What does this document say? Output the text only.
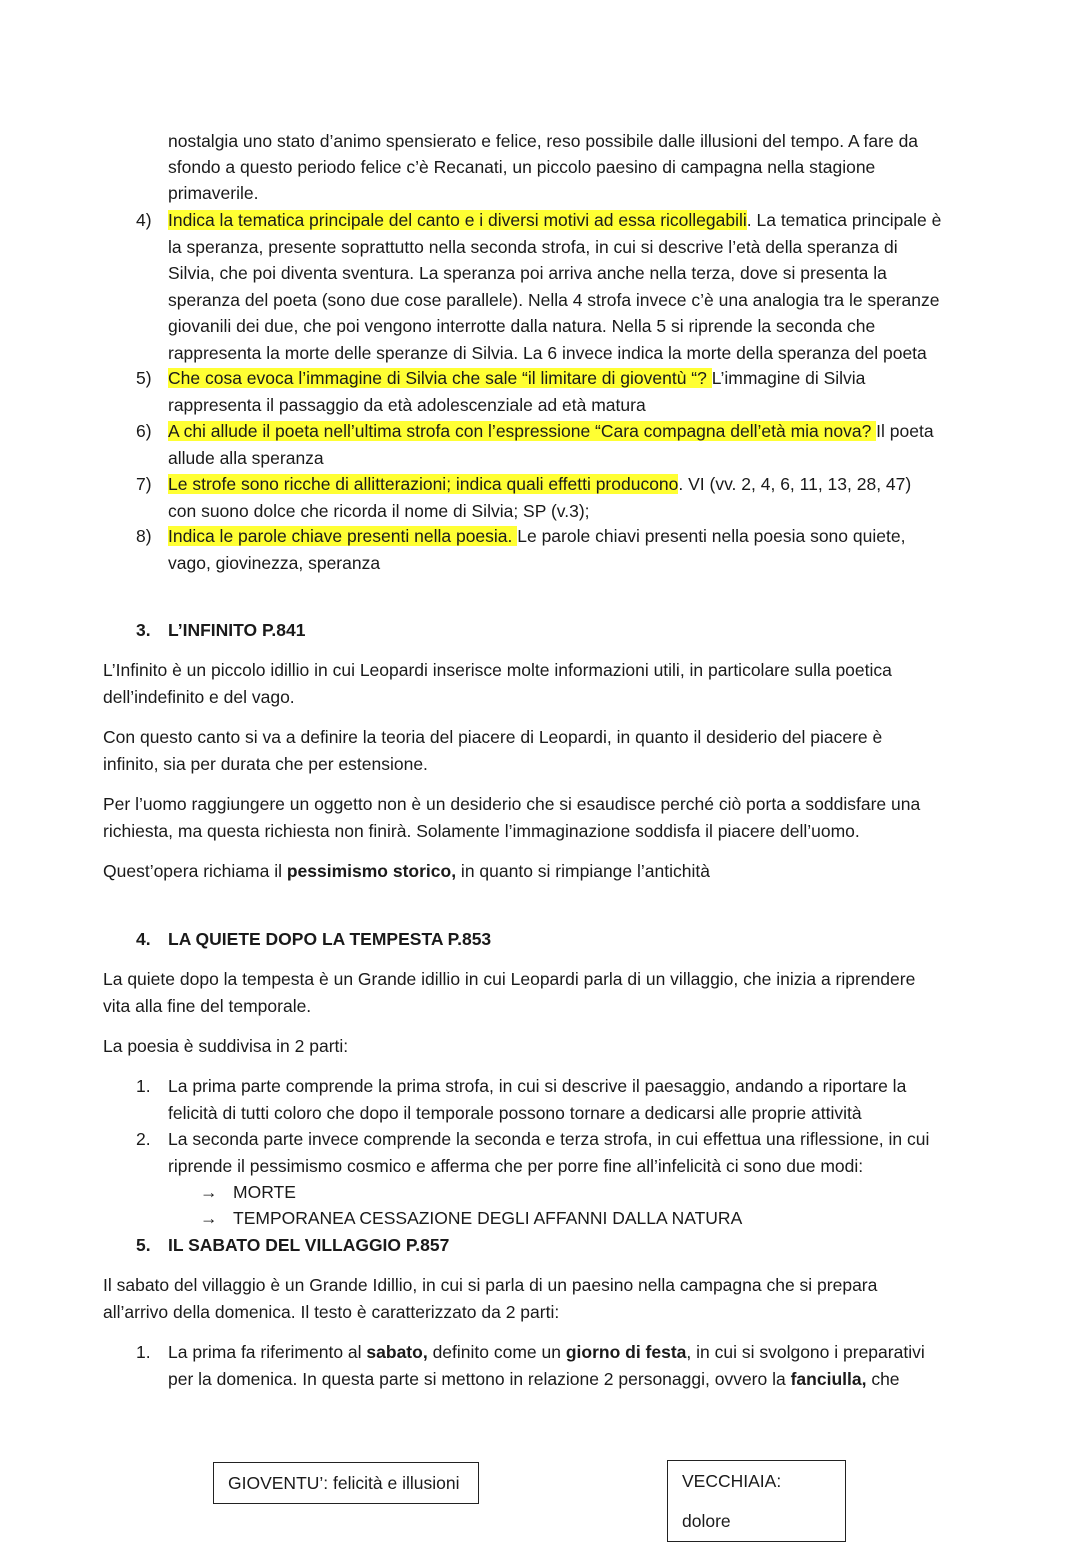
nostalgia uno stato d’animo spensierato e felice, reso possibile dalle illusioni del tempo. A fare da
sfondo a questo periodo felice c’è Recanati, un piccolo paesino di campagna nella stagione
primaverile.
4) Indica la tematica principale del canto e i diversi motivi ad essa ricollegabili. La tematica principale è
la speranza, presente soprattutto nella seconda strofa, in cui si descrive l’età della speranza di
Silvia, che poi diventa sventura. La speranza poi arriva anche nella terza, dove si presenta la
speranza del poeta (sono due cose parallele). Nella 4 strofa invece c’è una analogia tra le speranze
giovanili dei due, che poi vengono interrotte dalla natura. Nella 5 si riprende la seconda che
rappresenta la morte delle speranze di Silvia. La 6 invece indica la morte della speranza del poeta
5) Che cosa evoca l’immagine di Silvia che sale “il limitare di gioventù “? L’immagine di Silvia
rappresenta il passaggio da età adolescenziale ad età matura
6) A chi allude il poeta nell’ultima strofa con l’espressione “Cara compagna dell’età mia nova? Il poeta
allude alla speranza
7) Le strofe sono ricche di allitterazioni; indica quali effetti producono. VI (vv. 2, 4, 6, 11, 13, 28, 47)
con suono dolce che ricorda il nome di Silvia; SP (v.3);
8) Indica le parole chiave presenti nella poesia. Le parole chiavi presenti nella poesia sono quiete,
vago, giovinezza, speranza
3. L’INFINITO P.841
L’Infinito è un piccolo idillio in cui Leopardi inserisce molte informazioni utili, in particolare sulla poetica
dell’indefinito e del vago.
Con questo canto si va a definire la teoria del piacere di Leopardi, in quanto il desiderio del piacere è
infinito, sia per durata che per estensione.
Per l’uomo raggiungere un oggetto non è un desiderio che si esaudisce perché ciò porta a soddisfare una
richiesta, ma questa richiesta non finirà. Solamente l’immaginazione soddisfa il piacere dell’uomo.
Quest’opera richiama il pessimismo storico, in quanto si rimpiange l’antichità
4. LA QUIETE DOPO LA TEMPESTA P.853
La quiete dopo la tempesta è un Grande idillio in cui Leopardi parla di un villaggio, che inizia a riprendere
vita alla fine del temporale.
La poesia è suddivisa in 2 parti:
1. La prima parte comprende la prima strofa, in cui si descrive il paesaggio, andando a riportare la
felicità di tutti coloro che dopo il temporale possono tornare a dedicarsi alle proprie attività
2. La seconda parte invece comprende la seconda e terza strofa, in cui effettua una riflessione, in cui
riprende il pessimismo cosmico e afferma che per porre fine all’infelicità ci sono due modi:
→ MORTE
→ TEMPORANEA CESSAZIONE DEGLI AFFANNI DALLA NATURA
5. IL SABATO DEL VILLAGGIO P.857
Il sabato del villaggio è un Grande Idillio, in cui si parla di un paesino nella campagna che si prepara
all’arrivo della domenica. Il testo è caratterizzato da 2 parti:
1. La prima fa riferimento al sabato, definito come un giorno di festa, in cui si svolgono i preparativi
per la domenica. In questa parte si mettono in relazione 2 personaggi, ovvero la fanciulla, che
GIOVENTU’: felicità e illusioni	VECCHIAIA: dolore
